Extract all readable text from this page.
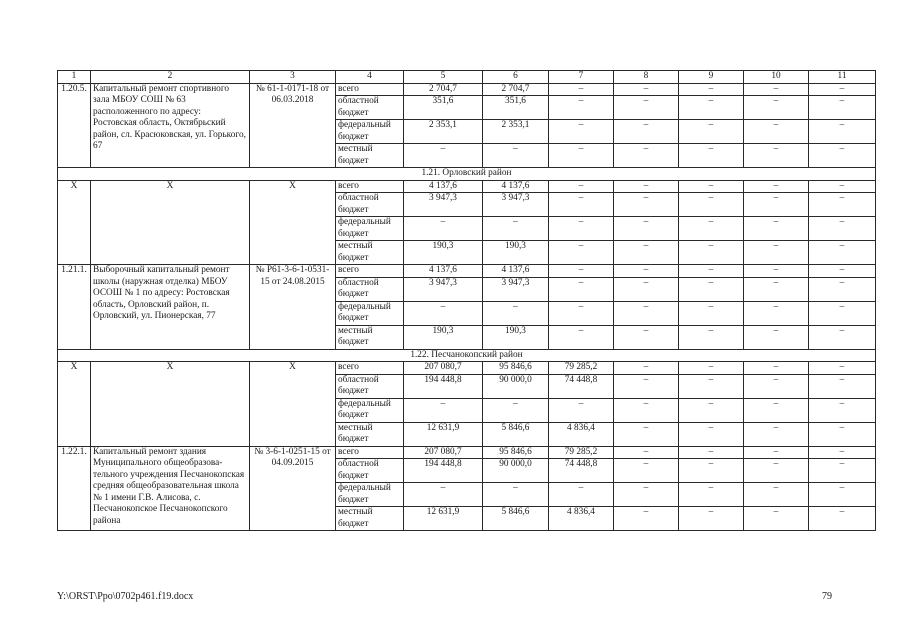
1	2	3	4	5	6	7	8	9	10	11
1.20.5.	Капитальный ремонт спортивного зала МБОУ СОШ № 63 расположенного по адресу: Ростовская область, Октябрьский район, сл. Красюковская, ул. Горького, 67	№ 61-1-0171-18 от 06.03.2018	всего	2 704,7	2 704,7	–	–	–	–	–
			областной бюджет	351,6	351,6	–	–	–	–	–
			федеральный бюджет	2 353,1	2 353,1	–	–	–	–	–
			местный бюджет	–	–	–	–	–	–	–
1.21. Орловский район										
Х	Х	Х	всего	4 137,6	4 137,6	–	–	–	–	–
			областной бюджет	3 947,3	3 947,3	–	–	–	–	–
			федеральный бюджет	–	–	–	–	–	–	–
			местный бюджет	190,3	190,3	–	–	–	–	–
1.21.1.	Выборочный капитальный ремонт школы (наружная отделка) МБОУ ОСОШ № 1 по адресу: Ростовская область, Орловский район, п. Орловский, ул. Пионерская, 77	№ Р61-3-6-1-0531-15 от 24.08.2015	всего	4 137,6	4 137,6	–	–	–	–	–
			областной бюджет	3 947,3	3 947,3	–	–	–	–	–
			федеральный бюджет	–	–	–	–	–	–	–
			местный бюджет	190,3	190,3	–	–	–	–	–
1.22. Песчанокопский район										
Х	Х	Х	всего	207 080,7	95 846,6	79 285,2	–	–	–	–
			областной бюджет	194 448,8	90 000,0	74 448,8	–	–	–	–
			федеральный бюджет	–	–	–	–	–	–	–
			местный бюджет	12 631,9	5 846,6	4 836,4	–	–	–	–
1.22.1.	Капитальный ремонт здания Муниципального общеобразова-тельного учреждения Песчанокопская средняя общеобразовательная школа № 1 имени Г.В. Алисова, с. Песчанокопское Песчанокопского района	№ 3-6-1-0251-15 от 04.09.2015	всего	207 080,7	95 846,6	79 285,2	–	–	–	–
			областной бюджет	194 448,8	90 000,0	74 448,8	–	–	–	–
			федеральный бюджет	–	–	–	–	–	–	–
			местный бюджет	12 631,9	5 846,6	4 836,4	–	–	–	–
Y:\ORST\Ppo\0702p461.f19.docx	79
